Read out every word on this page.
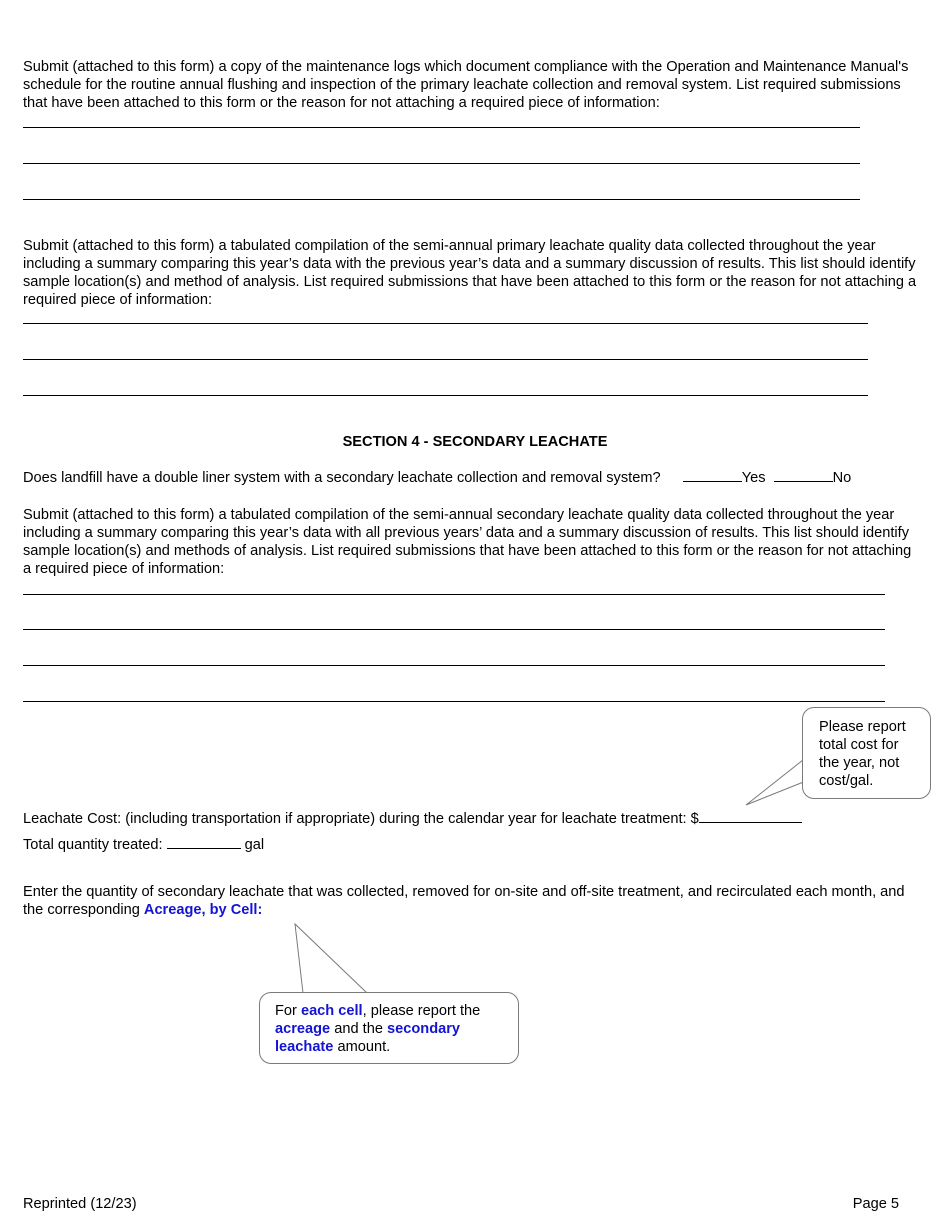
Submit (attached to this form) a copy of the maintenance logs which document compliance with the Operation and Maintenance Manual's schedule for the routine annual flushing and inspection of the primary leachate collection and removal system. List required submissions that have been attached to this form or the reason for not attaching a required piece of information:

Submit (attached to this form) a tabulated compilation of the semi-annual primary leachate quality data collected throughout the year including a summary comparing this year’s data with the previous year’s data and a summary discussion of results. This list should identify sample location(s) and method of analysis. List required submissions that have been attached to this form or the reason for not attaching a required piece of information:

SECTION 4 - SECONDARY LEACHATE
Does landfill have a double liner system with a secondary leachate collection and removal system?	Yes	No

Submit (attached to this form) a tabulated compilation of the semi-annual secondary leachate quality data collected throughout the year including a summary comparing this year’s data with all previous years’ data and a summary discussion of results. This list should identify sample location(s) and methods of analysis. List required submissions that have been attached to this form or the reason for not attaching a required piece of information:

Please report total cost for the year, not cost/gal.
Leachate Cost: (including transportation if appropriate) during the calendar year for leachate treatment: $
Total quantity treated:	gal

Enter the quantity of secondary leachate that was collected, removed for on-site and off-site treatment, and recirculated each month, and the corresponding Acreage, by Cell:

For each cell, please report the acreage and the secondary leachate amount.
Reprinted (12/23)	Page 5
